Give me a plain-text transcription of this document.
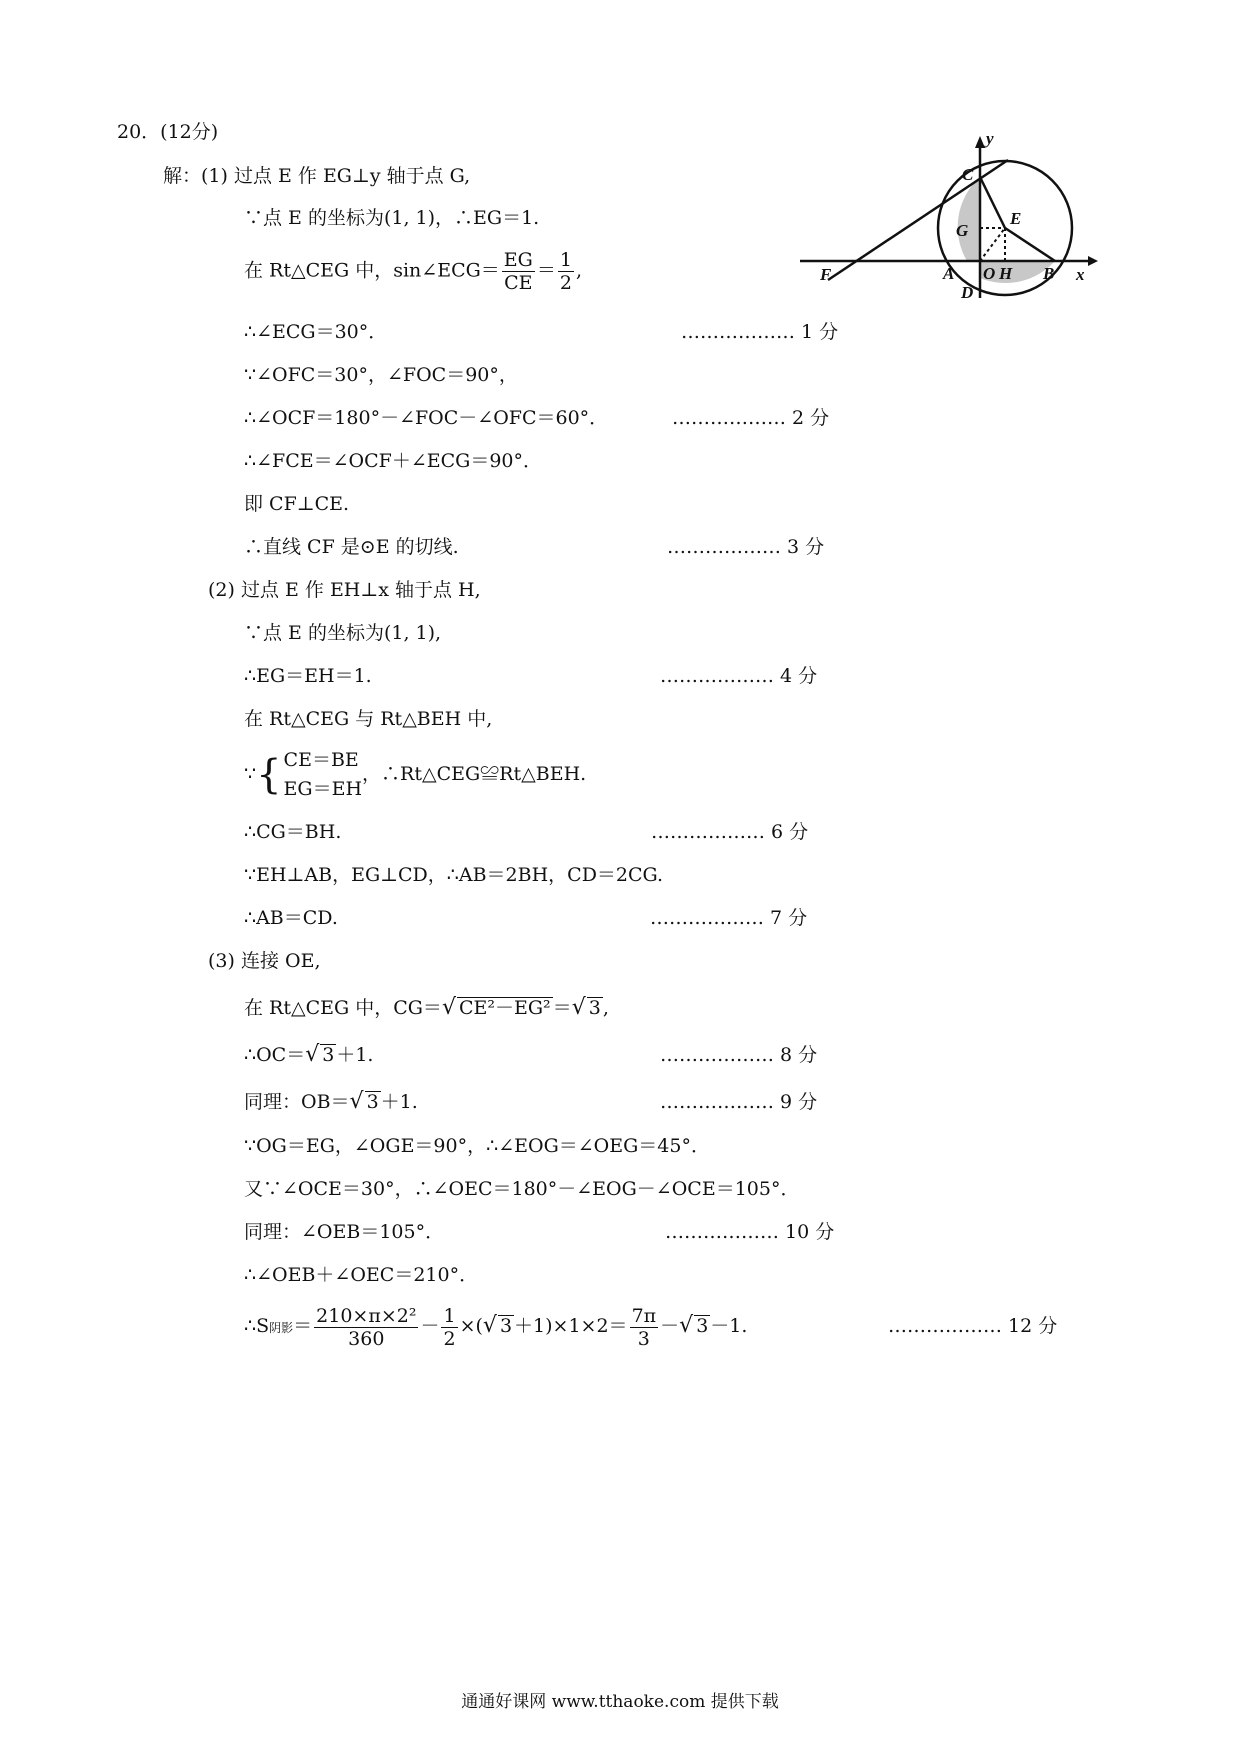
20．(12分)
解：(1) 过点 E 作 EG⊥y 轴于点 G,
∵点 E 的坐标为(1, 1)，∴EG＝1.
在 Rt△CEG 中，sin∠ECG＝ $\frac{EG}{CE} = \frac{1}{2}$ ,
∴∠ECG＝30°．
∵∠OFC＝30°，∠FOC＝90°，
∴∠OCF＝180°－∠FOC－∠OFC＝60°．
∴∠FCE＝∠OCF＋∠ECG＝90°．
即 CF⊥CE.
∴直线 CF 是⊙E 的切线.
……………… 1 分
……………… 2 分
……………… 3 分
(2) 过点 E 作 EH⊥x 轴于点 H,
∵点 E 的坐标为(1, 1),
∴EG＝EH＝1.
在 Rt△CEG 与 Rt△BEH 中,
∵{ CE＝BE
EG＝EH
，∴Rt△CEG≌Rt△BEH.
∴CG＝BH.
∵EH⊥AB，EG⊥CD，∴AB＝2BH，CD＝2CG.
∴AB＝CD.
……………… 4 分
……………… 6 分
……………… 7 分
(3) 连接 OE,
在 Rt△CEG 中，CG＝√ CE²－EG² ＝√ 3 ,
∴OC＝√ 3 ＋1.
同理：OB＝√ 3 ＋1.
∵OG＝EG，∠OGE＝90°，∴∠EOG＝∠OEG＝45°．
又∵∠OCE＝30°，∴∠OEC＝180°－∠EOG－∠OCE＝105°．
同理：∠OEB＝105°．
∴∠OEB＋∠OEC＝210°．
∴S阴影＝ $\frac{\text{210×π×2²}}{360} - \frac{1}{2}$ ×(√ $3 +1)\times 1\times 2= \frac{7\pi}{3}$ －√ 3 －1.
……………… 8 分
……………… 9 分
……………… 10 分
……………… 12 分
y
x
C
E
G
F	A O H B
D
通通好课网 www.tthaoke.com 提供下载
